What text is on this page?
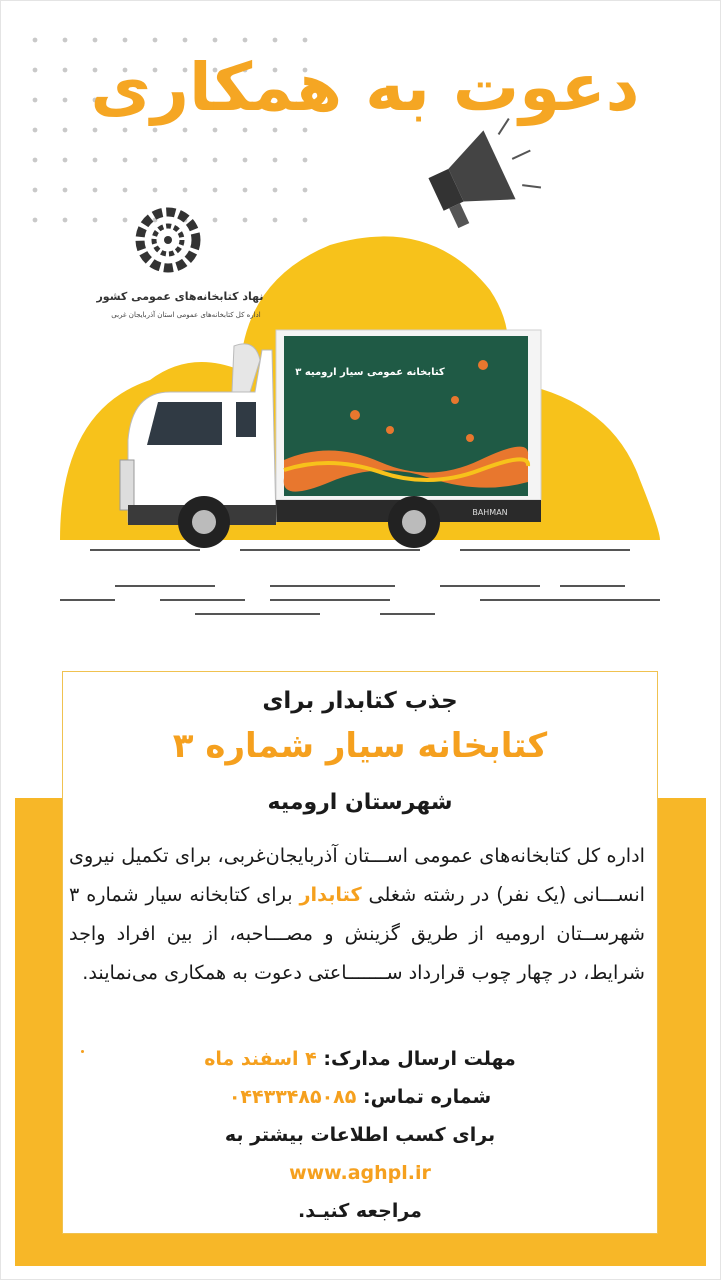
دعوت به همکاری
نهاد کتابخانه‌های عمومی کشور
اداره کل کتابخانه‌های عمومی استان آذربایجان غربی
کتابخانه عمومی سیار ارومیه ۳
BAHMAN
جذب کتابدار برای
کتابخانه سیار شماره ۳
شهرستان ارومیه
اداره کل کتابخانه‌های عمومی اســـتان آذربایجان‌غربی، برای تکمیل نیروی انســـانی (یک نفر) در رشته شغلی کتابدار برای کتابخانه سیار شماره ۳ شهرســتان ارومیه از طریق گزینش و مصـــاحبه، از بین افراد واجد شرایط، در چهار چوب قرارداد ســـــــاعتی دعوت به همکاری می‌نمایند.
مهلت ارسال مدارک: ۴ اسفند ماه
شماره تماس: ۰۴۴۳۳۴۸۵۰۸۵
برای کسب اطلاعات بیشتر به
www.aghpl.ir
مراجعه کنیـد.
